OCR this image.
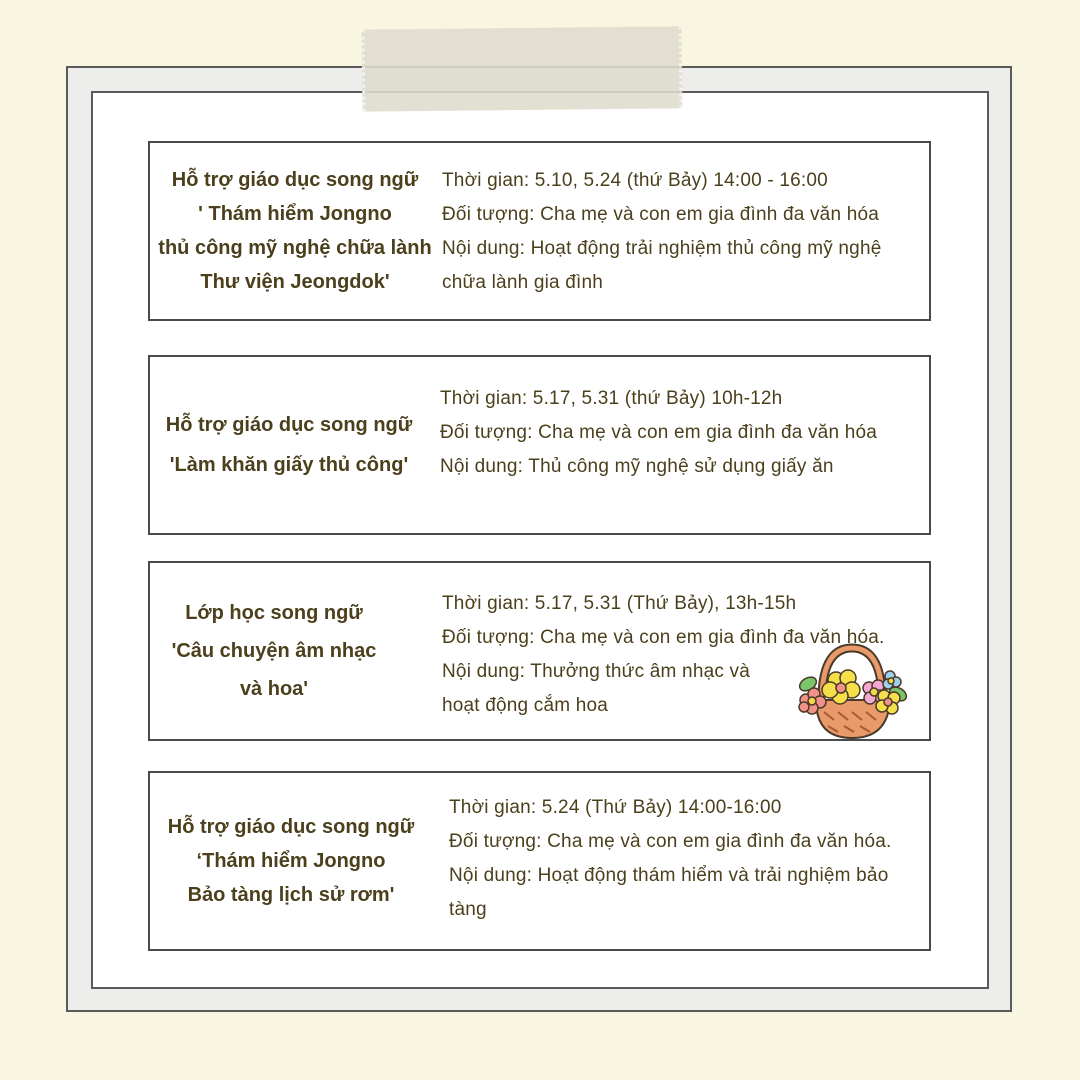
Hỗ trợ giáo dục song ngữ
' Thám hiểm Jongno
thủ công mỹ nghệ chữa lành
Thư viện Jeongdok'
Thời gian: 5.10, 5.24 (thứ Bảy) 14:00 - 16:00
Đối tượng: Cha mẹ và con em gia đình đa văn hóa
Nội dung: Hoạt động trải nghiệm thủ công mỹ nghệ
chữa lành gia đình
Hỗ trợ giáo dục song ngữ
'Làm khăn giấy thủ công'
Thời gian: 5.17, 5.31 (thứ Bảy) 10h-12h
Đối tượng: Cha mẹ và con em gia đình đa văn hóa
Nội dung: Thủ công mỹ nghệ sử dụng giấy ăn
Lớp học song ngữ
'Câu chuyện âm nhạc
và hoa'
Thời gian: 5.17, 5.31 (Thứ Bảy), 13h-15h
Đối tượng: Cha mẹ và con em gia đình đa văn hóa.
Nội dung: Thưởng thức âm nhạc và
hoạt động cắm hoa
Hỗ trợ giáo dục song ngữ
‘Thám hiểm Jongno
Bảo tàng lịch sử rơm'
Thời gian: 5.24 (Thứ Bảy) 14:00-16:00
Đối tượng: Cha mẹ và con em gia đình đa văn hóa.
Nội dung: Hoạt động thám hiểm và trải nghiệm bảo
tàng
